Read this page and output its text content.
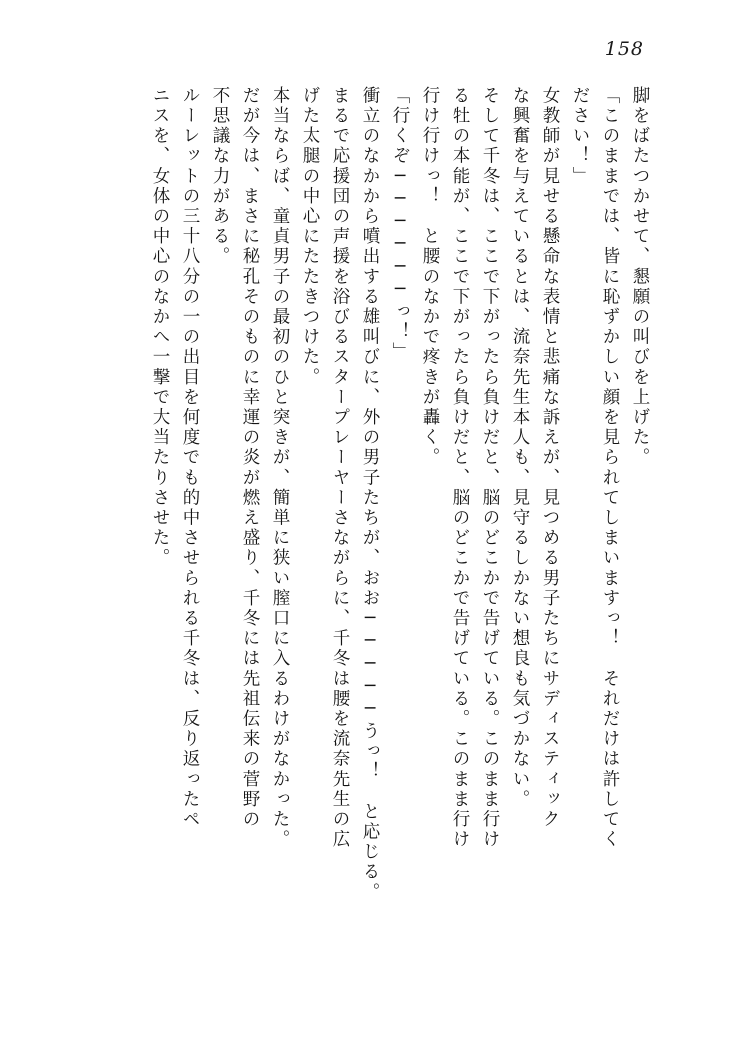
158
脚をばたつかせて、懇願の叫びを上げた。
「このままでは、皆に恥ずかしい顔を見られてしまいますっ！　それだけは許してく
ださい！」
女教師が見せる懸命な表情と悲痛な訴えが、見つめる男子たちにサディスティック
な興奮を与えているとは、流奈先生本人も、見守るしかない想良も気づかない。
そして千冬は、ここで下がったら負けだと、脳のどこかで告げている。このまま行け
る牡の本能が、ここで下がったら負けだと、脳のどこかで告げている。このまま行け
行け行けっ！　と腰のなかで疼きが轟く。
「行くぞ──────っ！」
衝立のなかから噴出する雄叫びに、外の男子たちが、おお─────うっ！　と応じる。
まるで応援団の声援を浴びるスタープレーヤーさながらに、千冬は腰を流奈先生の広
げた太腿の中心にたたきつけた。
本当ならば、童貞男子の最初のひと突きが、簡単に狭い膣口に入るわけがなかった。
だが今は、まさに秘孔そのものに幸運の炎が燃え盛り、千冬には先祖伝来の菅野の
不思議な力がある。
ルーレットの三十八分の一の出目を何度でも的中させられる千冬は、反り返ったペ
ニスを、女体の中心のなかへ一撃で大当たりさせた。
